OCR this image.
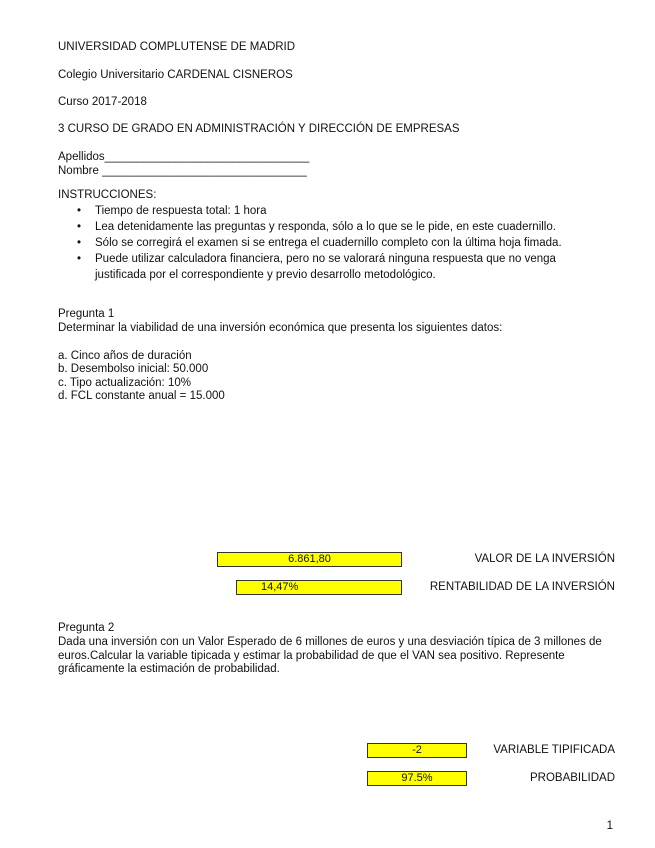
UNIVERSIDAD COMPLUTENSE DE MADRID
Colegio Universitario CARDENAL CISNEROS
Curso 2017-2018
3 CURSO DE GRADO EN ADMINISTRACIÓN Y DIRECCIÓN DE EMPRESAS
Apellidos________________________________
Nombre ________________________________
INSTRUCCIONES:
• Tiempo de respuesta total: 1 hora
• Lea detenidamente las preguntas y responda, sólo a lo que se le pide, en este cuadernillo.
• Sólo se corregirá el examen si se entrega el cuadernillo completo con la última hoja fimada.
• Puede utilizar calculadora financiera, pero no se valorará ninguna respuesta que no venga justificada por el correspondiente y previo desarrollo metodológico.
Pregunta 1
Determinar la viabilidad de una inversión económica que presenta los siguientes datos:
a. Cinco años de duración
b. Desembolso inicial: 50.000
c. Tipo actualización: 10%
d. FCL constante anual = 15.000
6.861,80	VALOR DE LA INVERSIÓN
14,47%	RENTABILIDAD DE LA INVERSIÓN
Pregunta 2
Dada una inversión con un Valor Esperado de 6 millones de euros y una desviación típica de 3 millones de euros.Calcular la variable tipicada y estimar la probabilidad de que el VAN sea positivo. Represente gráficamente la estimación de probabilidad.
-2	VARIABLE TIPIFICADA
97.5%	PROBABILIDAD
1
